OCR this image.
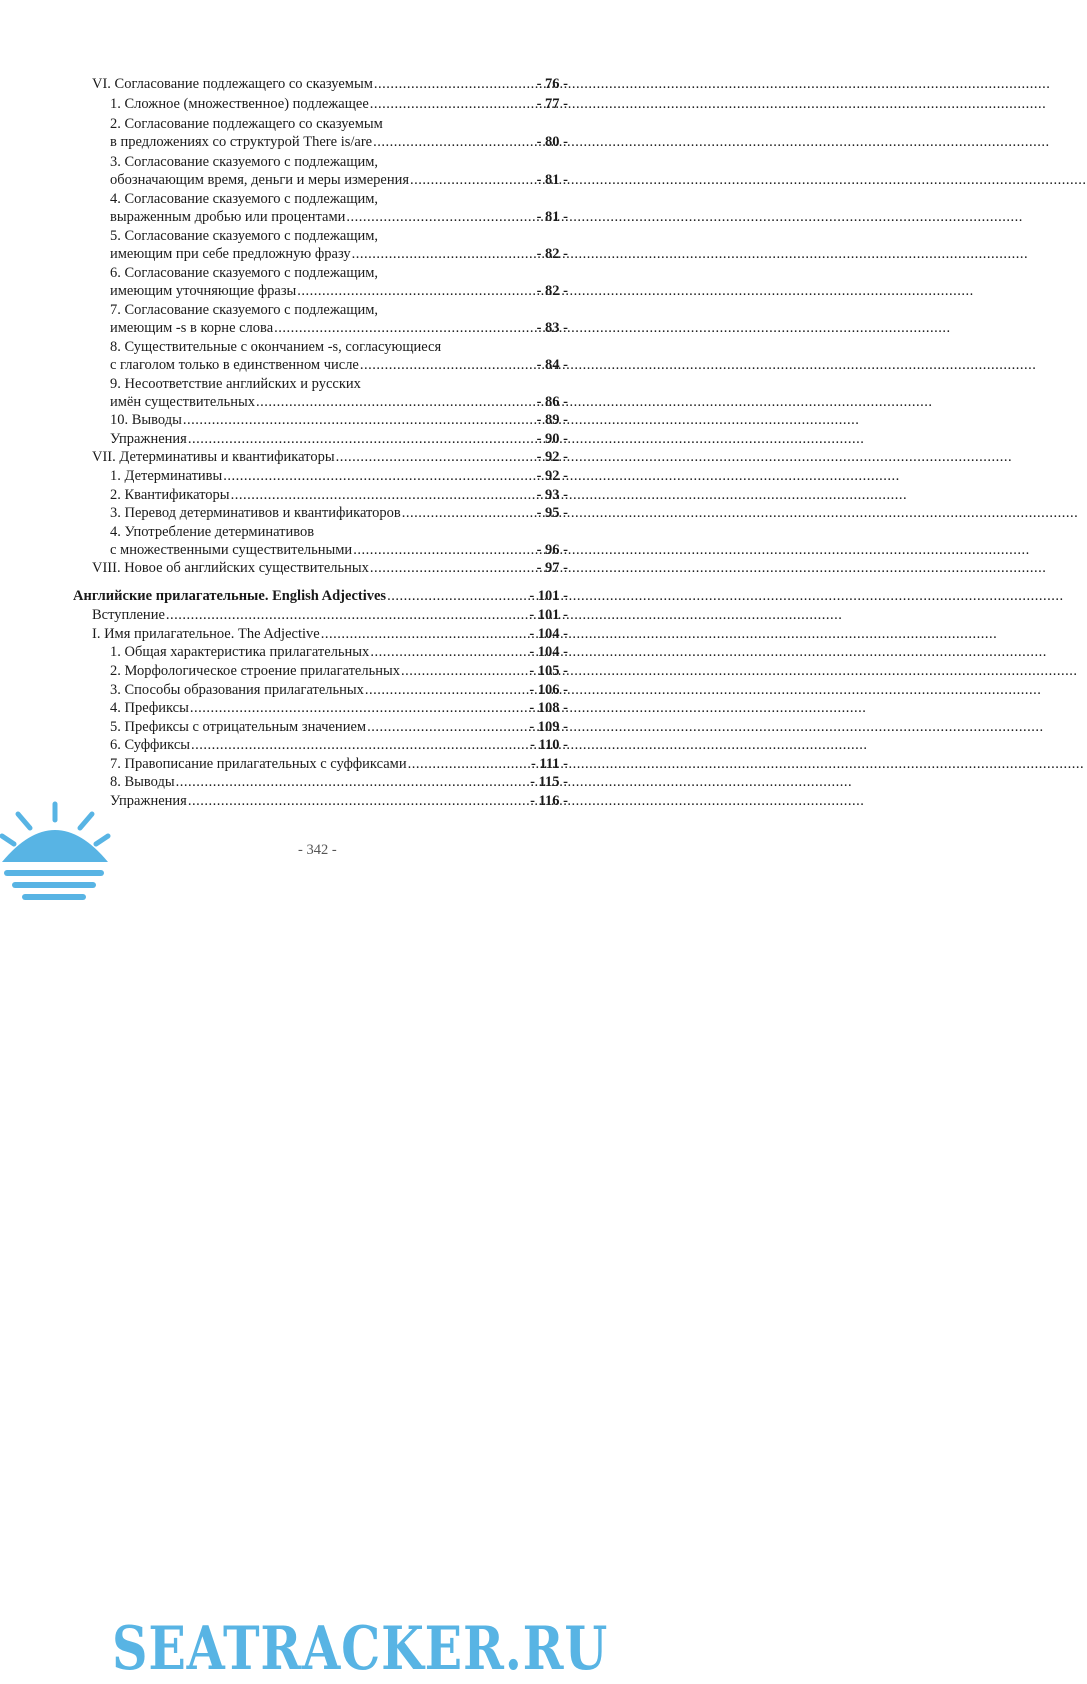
VI. Согласование подлежащего со сказуемым .....	- 76 -
1. Сложное (множественное) подлежащее .....	- 77 -
2. Согласование подлежащего со сказуемым
в предложениях со структурой There is/are .....	- 80 -
3. Согласование сказуемого с подлежащим,
обозначающим время, деньги и меры измерения .....	- 81 -
4. Согласование сказуемого с подлежащим,
выраженным дробью или процентами .....	- 81 -
5. Согласование сказуемого с подлежащим,
имеющим при себе предложную фразу .....	- 82 -
6. Согласование сказуемого с подлежащим,
имеющим уточняющие фразы .....	- 82 -
7. Согласование сказуемого с подлежащим,
имеющим -s в корне слова .....	- 83 -
8. Существительные с окончанием -s, согласующиеся
с глаголом только в единственном числе .....	- 84 -
9. Несоответствие английских и русских
имён существительных .....	- 86 -
10. Выводы .....	- 89 -
Упражнения .....	- 90 -
VII. Детерминативы и квантификаторы .....	- 92 -
1. Детерминативы .....	- 92 -
2. Квантификаторы .....	- 93 -
3. Перевод детерминативов и квантификаторов .....	- 95 -
4. Употребление детерминативов
с множественными существительными .....	- 96 -
VIII. Новое об английских существительных .....	- 97 -
Английские прилагательные. English Adjectives .....	- 101 -
Вступление .....	- 101 -
I. Имя прилагательное. The Adjective .....	- 104 -
1. Общая характеристика прилагательных .....	- 104 -
2. Морфологическое строение прилагательных .....	- 105 -
3. Способы образования прилагательных .....	- 106 -
4. Префиксы .....	- 108 -
5. Префиксы с отрицательным значением .....	- 109 -
6. Суффиксы .....	- 110 -
7. Правописание прилагательных с суффиксами .....	- 111 -
8. Выводы .....	- 115 -
Упражнения .....	- 116 -
- 342 -
SEATRACKER.RU
